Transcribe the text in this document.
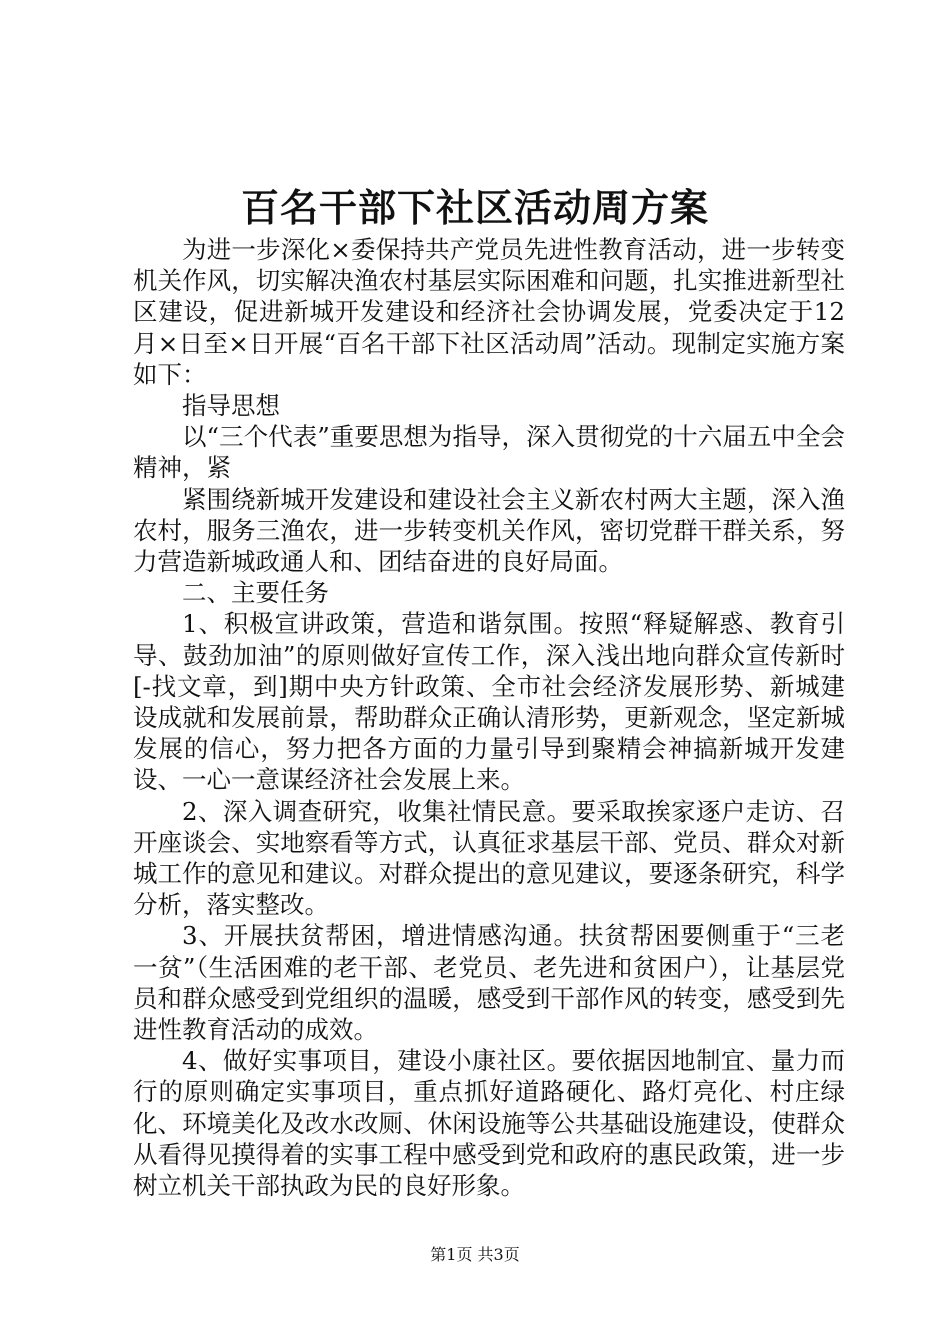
百名干部下社区活动周方案

为进一步深化×委保持共产党员先进性教育活动，进一步转变机关作风，切实解决渔农村基层实际困难和问题，扎实推进新型社区建设，促进新城开发建设和经济社会协调发展，党委决定于12月×日至×日开展“百名干部下社区活动周”活动。现制定实施方案如下：

指导思想

以“三个代表”重要思想为指导，深入贯彻党的十六届五中全会精神，紧

紧围绕新城开发建设和建设社会主义新农村两大主题，深入渔农村，服务三渔农，进一步转变机关作风，密切党群干群关系，努力营造新城政通人和、团结奋进的良好局面。

二、主要任务

1、积极宣讲政策，营造和谐氛围。按照“释疑解惑、教育引导、鼓劲加油”的原则做好宣传工作，深入浅出地向群众宣传新时[-找文章，到]期中央方针政策、全市社会经济发展形势、新城建设成就和发展前景，帮助群众正确认清形势，更新观念，坚定新城发展的信心，努力把各方面的力量引导到聚精会神搞新城开发建设、一心一意谋经济社会发展上来。

2、深入调查研究，收集社情民意。要采取挨家逐户走访、召开座谈会、实地察看等方式，认真征求基层干部、党员、群众对新城工作的意见和建议。对群众提出的意见建议，要逐条研究，科学分析，落实整改。

3、开展扶贫帮困，增进情感沟通。扶贫帮困要侧重于“三老一贫”（生活困难的老干部、老党员、老先进和贫困户），让基层党员和群众感受到党组织的温暖，感受到干部作风的转变，感受到先进性教育活动的成效。

4、做好实事项目，建设小康社区。要依据因地制宜、量力而行的原则确定实事项目，重点抓好道路硬化、路灯亮化、村庄绿化、环境美化及改水改厕、休闲设施等公共基础设施建设，使群众从看得见摸得着的实事工程中感受到党和政府的惠民政策，进一步树立机关干部执政为民的良好形象。

第1页 共3页
